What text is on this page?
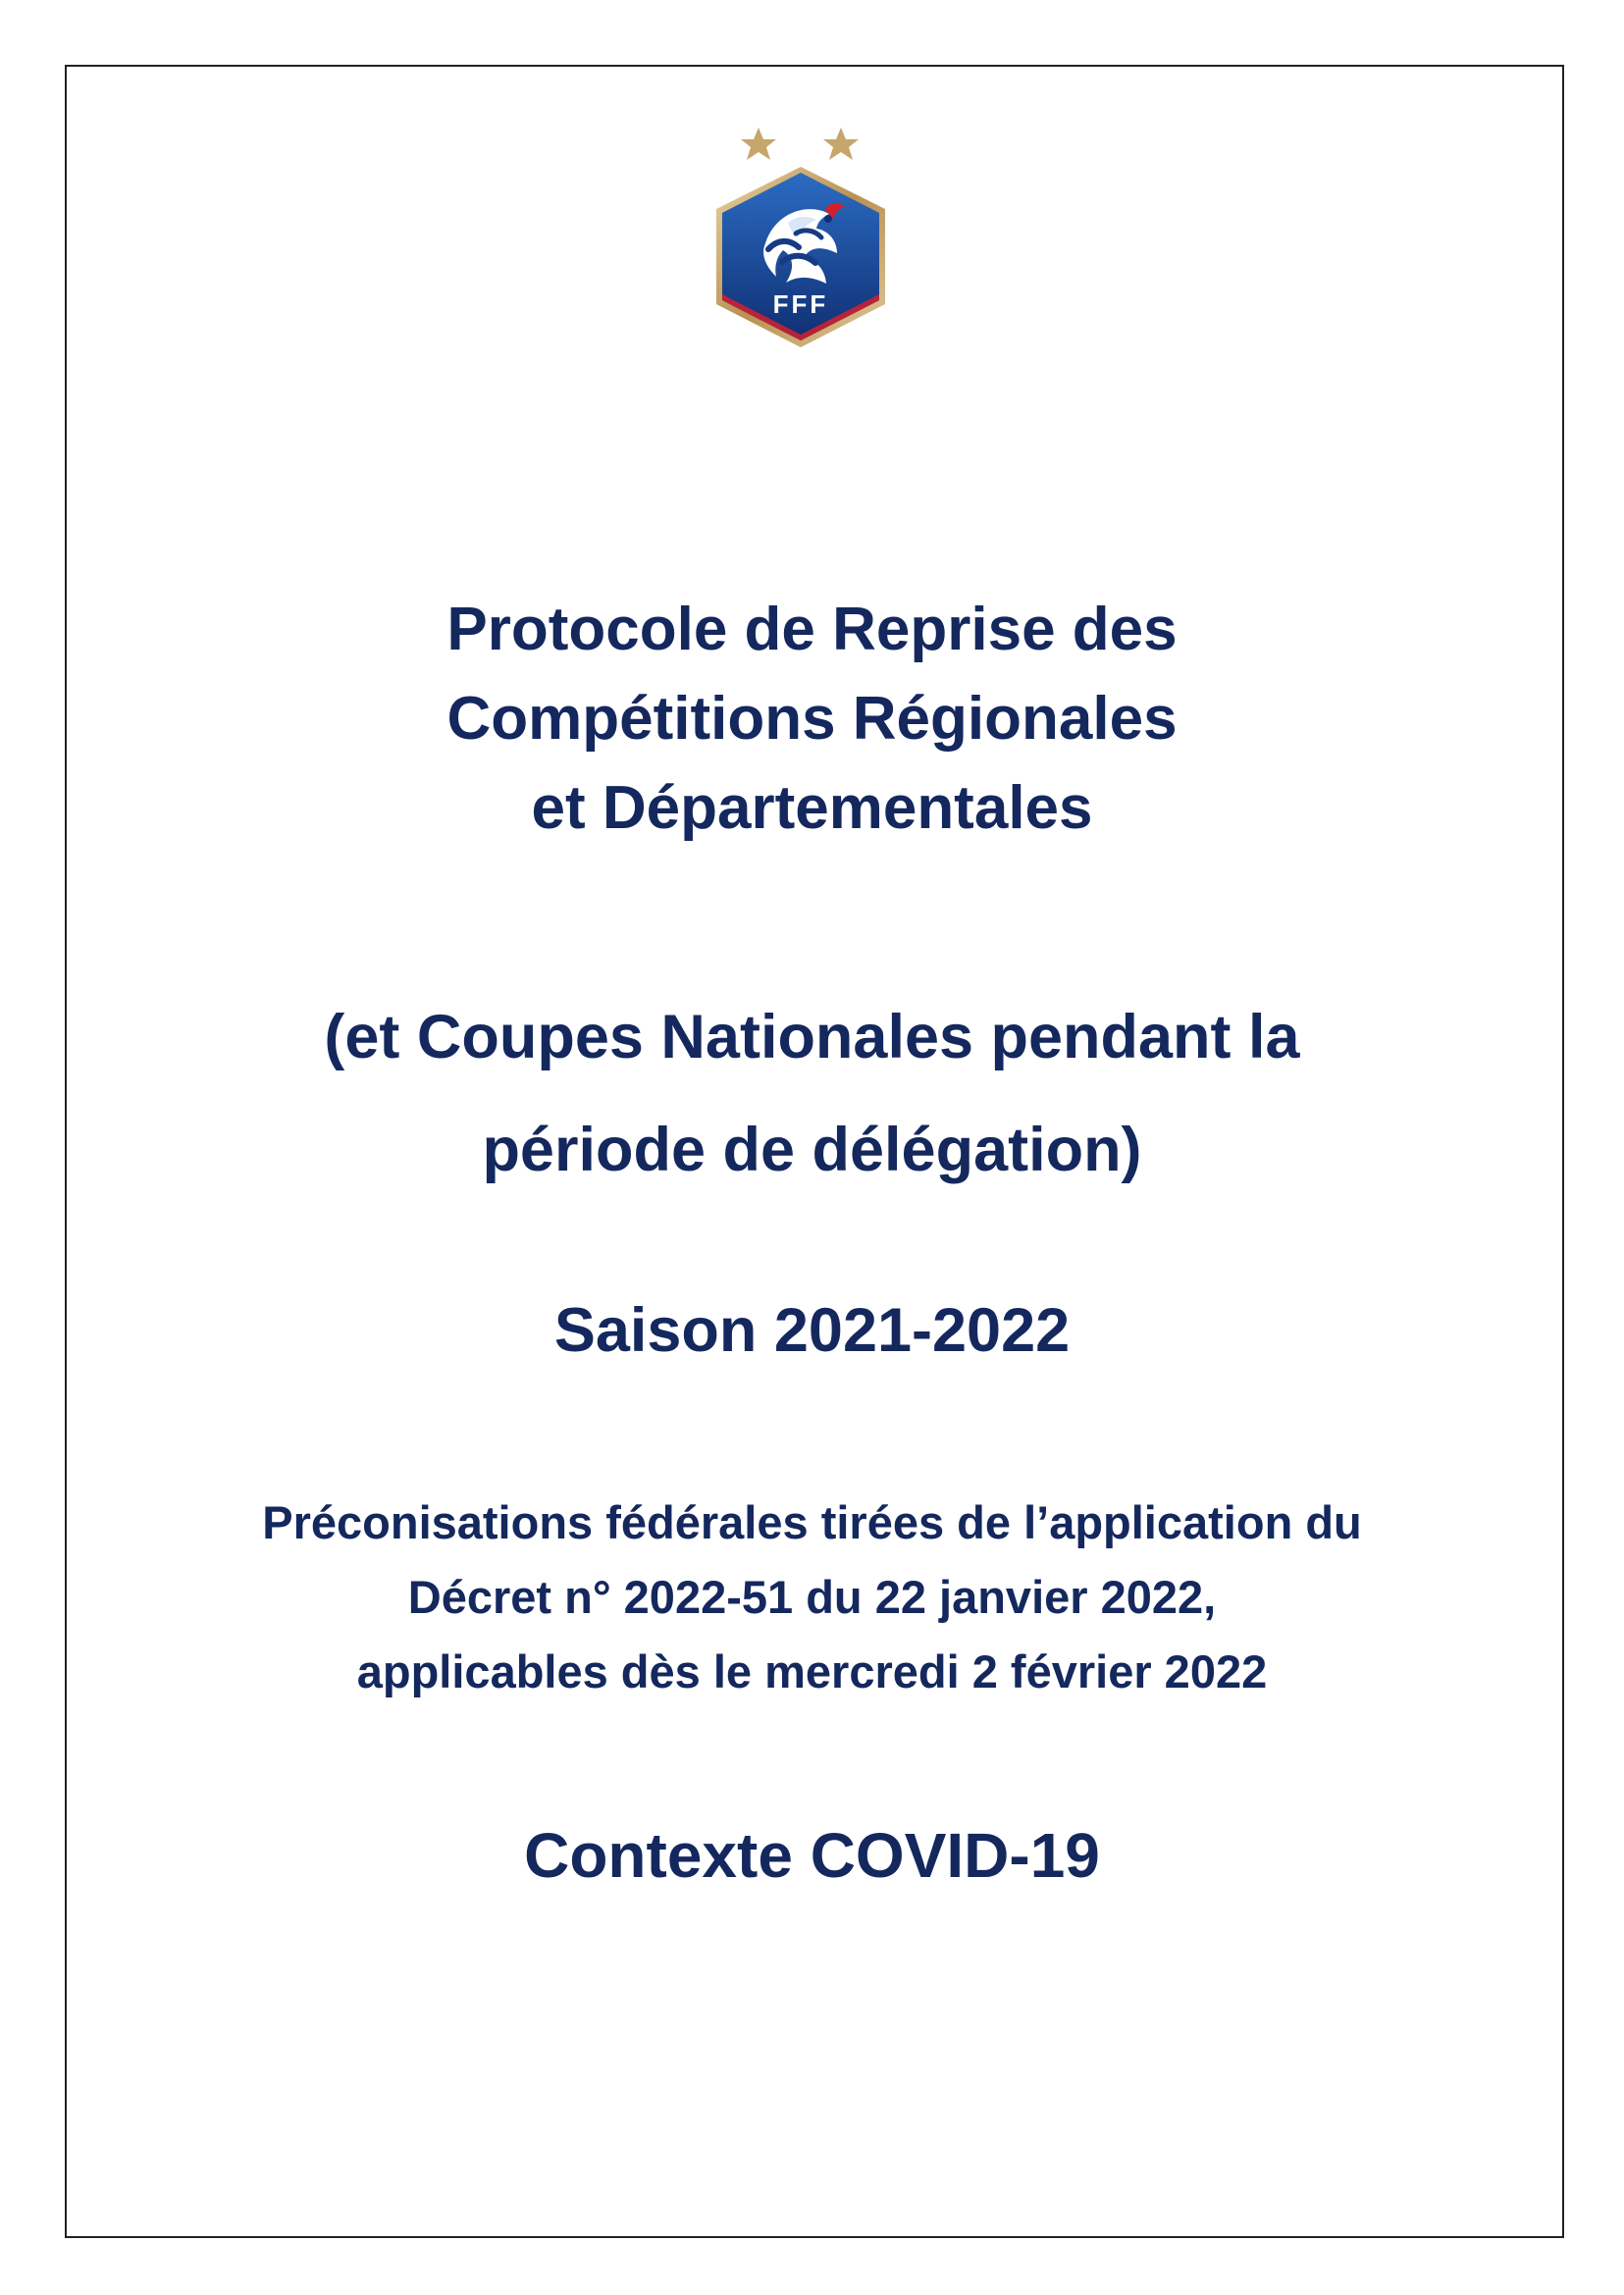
FFF
Protocole de Reprise des
Compétitions Régionales
et Départementales
(et Coupes Nationales pendant la
période de délégation)
Saison 2021-2022
Préconisations fédérales tirées de l’application du
Décret n° 2022-51 du 22 janvier 2022,
applicables dès le mercredi 2 février 2022
Contexte COVID-19
